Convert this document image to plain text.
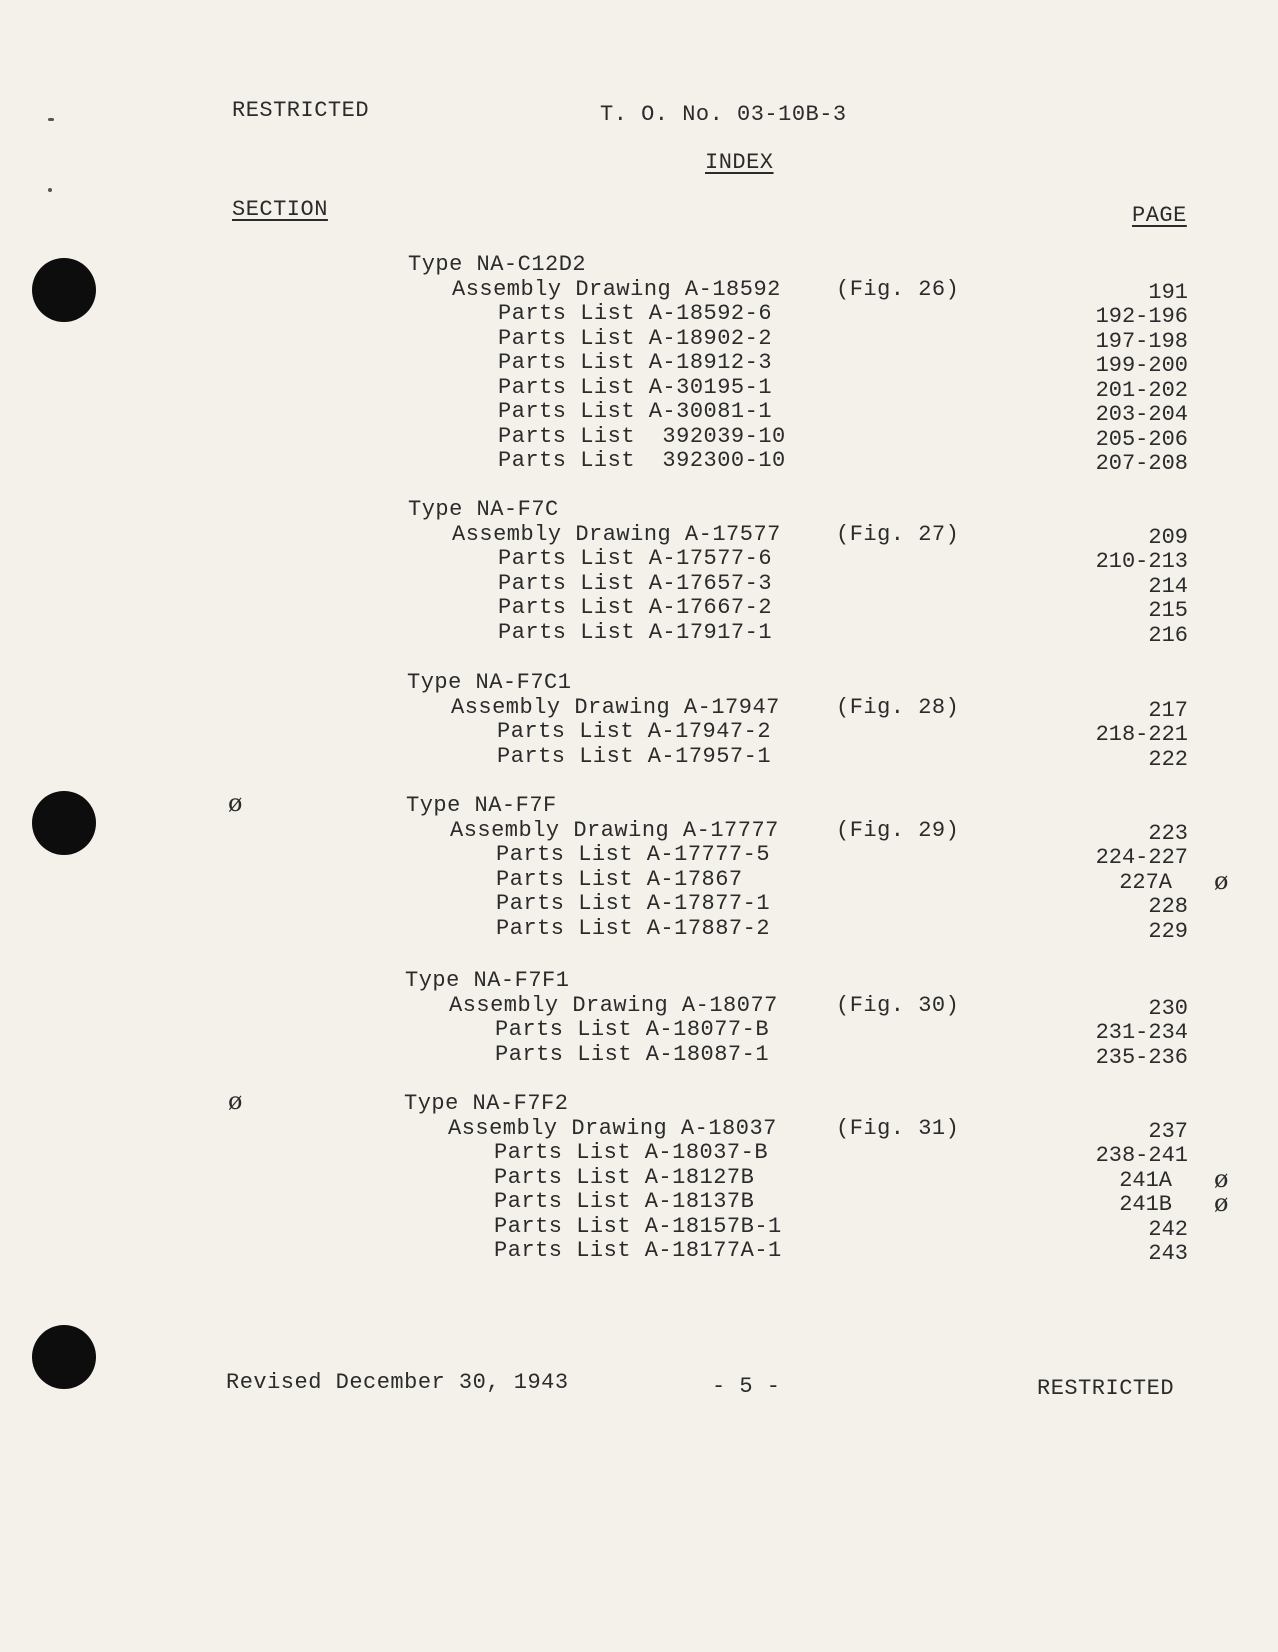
RESTRICTED	T. O. No. 03-10B-3
INDEX
SECTION	PAGE
Type NA-C12D2
Assembly Drawing A-18592	(Fig. 26)	191
Parts List A-18592-6	192-196
Parts List A-18902-2	197-198
Parts List A-18912-3	199-200
Parts List A-30195-1	201-202
Parts List A-30081-1	203-204
Parts List  392039-10	205-206
Parts List  392300-10	207-208
Type NA-F7C
Assembly Drawing A-17577	(Fig. 27)	209
Parts List A-17577-6	210-213
Parts List A-17657-3	214
Parts List A-17667-2	215
Parts List A-17917-1	216
Type NA-F7C1
Assembly Drawing A-17947	(Fig. 28)	217
Parts List A-17947-2	218-221
Parts List A-17957-1	222
Type NA-F7F
ø
Assembly Drawing A-17777	(Fig. 29)	223
Parts List A-17777-5	224-227
Parts List A-17867	227A ø
Parts List A-17877-1	228
Parts List A-17887-2	229
Type NA-F7F1
Assembly Drawing A-18077	(Fig. 30)	230
Parts List A-18077-B	231-234
Parts List A-18087-1	235-236
Type NA-F7F2
ø
Assembly Drawing A-18037	(Fig. 31)	237
Parts List A-18037-B	238-241
Parts List A-18127B	241A ø
Parts List A-18137B	241B ø
Parts List A-18157B-1	242
Parts List A-18177A-1	243
Revised December 30, 1943	- 5 -	RESTRICTED
